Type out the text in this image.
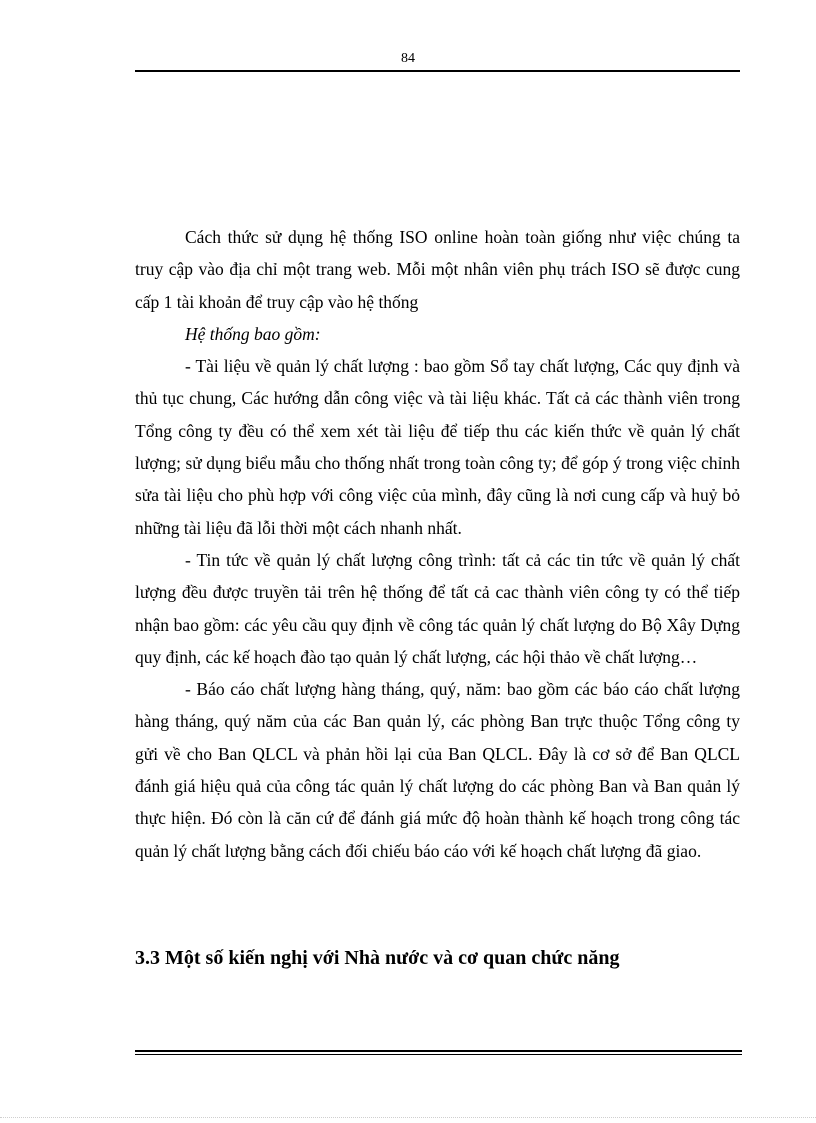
84

Cách thức sử dụng hệ thống ISO online hoàn toàn giống như việc chúng ta truy cập vào địa chỉ một trang web. Mỗi một nhân viên phụ trách ISO sẽ được cung cấp 1 tài khoản để truy cập vào hệ thống

Hệ thống bao gồm:

- Tài liệu về quản lý chất lượng : bao gồm Sổ tay chất lượng, Các quy định và thủ tục chung, Các hướng dẫn công việc và tài liệu khác. Tất cả các thành viên trong Tổng công ty đều có thể xem xét tài liệu để tiếp thu các kiến thức về quản lý chất lượng; sử dụng biểu mẫu cho thống nhất trong toàn công ty; để góp ý trong việc chỉnh sửa tài liệu cho phù hợp với công việc của mình, đây cũng là nơi cung cấp và huỷ bỏ những tài liệu đã lỗi thời một cách nhanh nhất.

- Tin tức về quản lý chất lượng công trình: tất cả các tin tức về quản lý chất lượng đều được truyền tải trên hệ thống để tất cả cac thành viên công ty có thể tiếp nhận bao gồm: các yêu cầu quy định về công tác quản lý chất lượng do Bộ Xây Dựng quy định, các kế hoạch đào tạo quản lý chất lượng, các hội thảo về chất lượng…

- Báo cáo chất lượng hàng tháng, quý, năm: bao gồm các báo cáo chất lượng hàng tháng, quý năm của các Ban quản lý, các phòng Ban trực thuộc Tổng công ty gửi về cho Ban QLCL và phản hồi lại của Ban QLCL. Đây là cơ sở để Ban QLCL đánh giá hiệu quả của công tác quản lý chất lượng do các phòng Ban và Ban quản lý thực hiện. Đó còn là căn cứ để đánh giá mức độ hoàn thành kế hoạch trong công tác quản lý chất lượng bằng cách đối chiếu báo cáo với kế hoạch chất lượng đã giao.

3.3 Một số kiến nghị với Nhà nước và cơ quan chức năng
